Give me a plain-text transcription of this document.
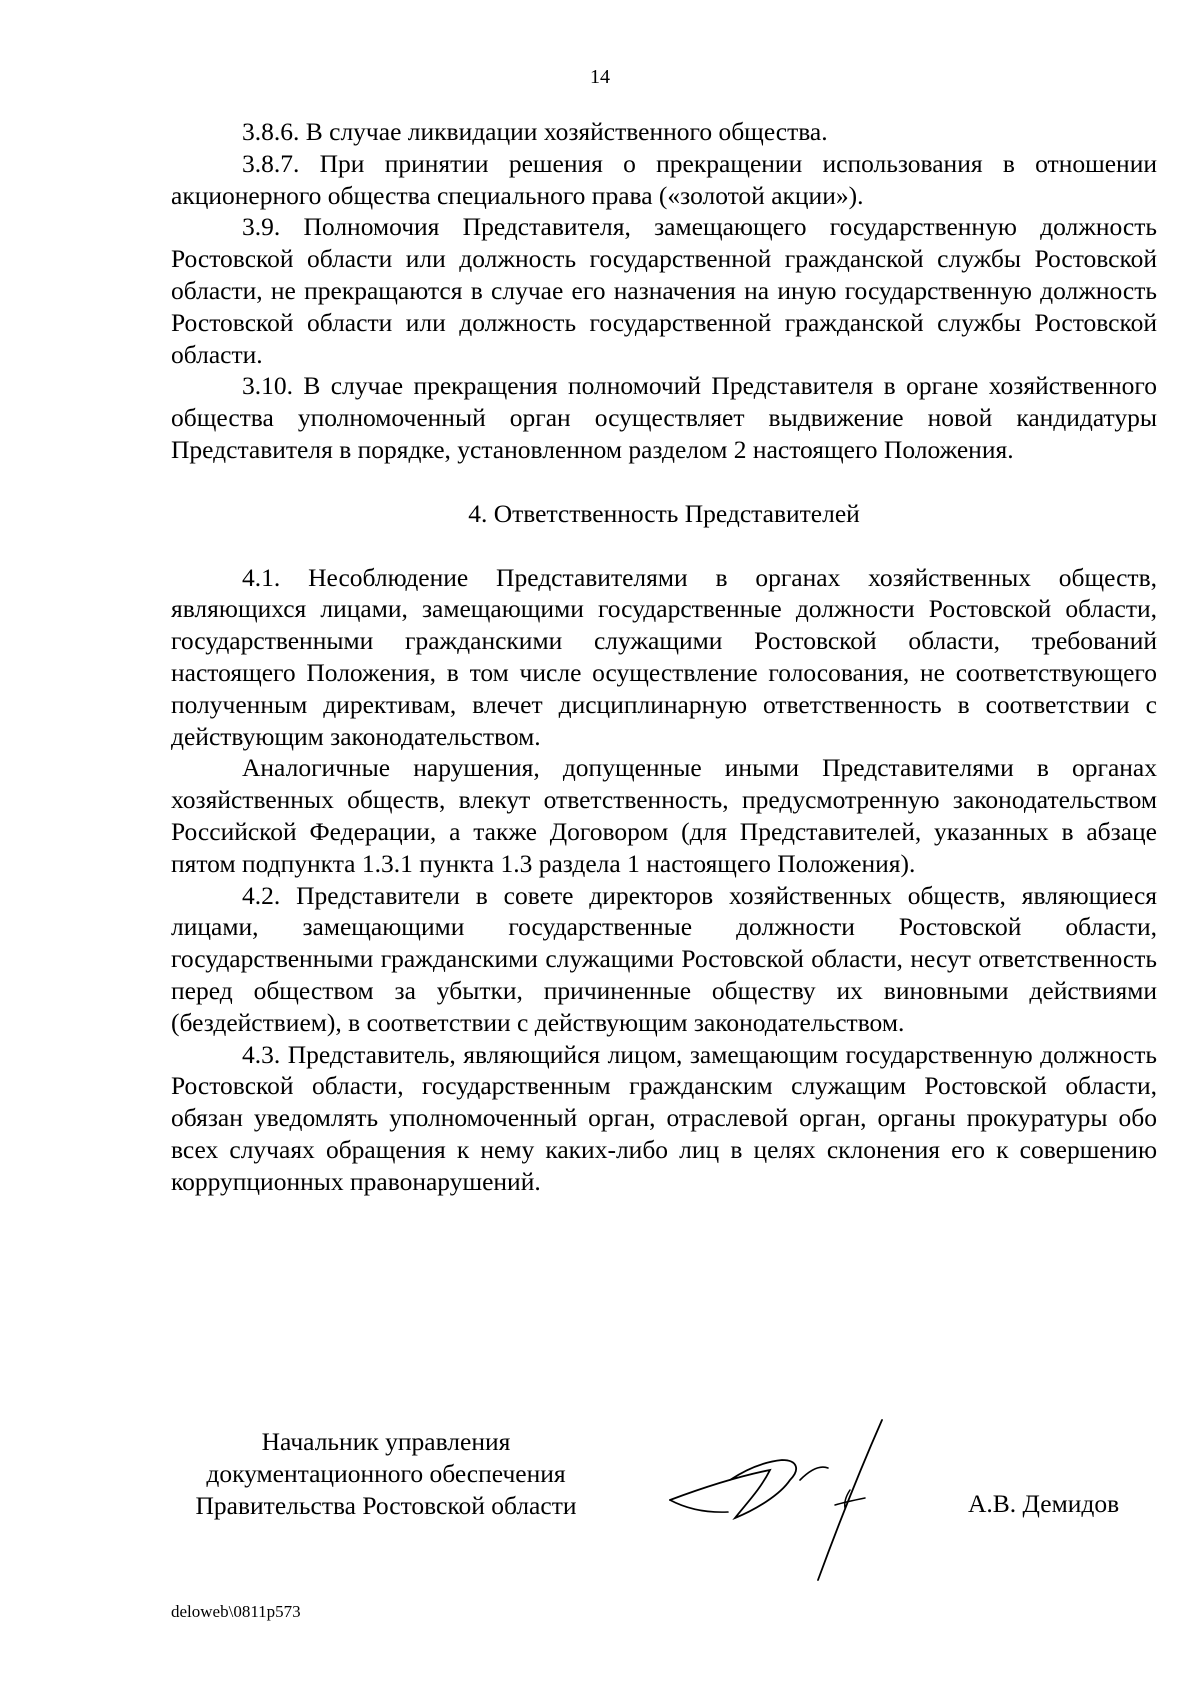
14

3.8.6. В случае ликвидации хозяйственного общества.

3.8.7. При принятии решения о прекращении использования в отношении акционерного общества специального права («золотой акции»).

3.9. Полномочия Представителя, замещающего государственную должность Ростовской области или должность государственной гражданской службы Ростовской области, не прекращаются в случае его назначения на иную государственную должность Ростовской области или должность государственной гражданской службы Ростовской области.

3.10. В случае прекращения полномочий Представителя в органе хозяйственного общества уполномоченный орган осуществляет выдвижение новой кандидатуры Представителя в порядке, установленном разделом 2 настоящего Положения.

4. Ответственность Представителей

4.1. Несоблюдение Представителями в органах хозяйственных обществ, являющихся лицами, замещающими государственные должности Ростовской области, государственными гражданскими служащими Ростовской области, требований настоящего Положения, в том числе осуществление голосования, не соответствующего полученным директивам, влечет дисциплинарную ответственность в соответствии с действующим законодательством.

Аналогичные нарушения, допущенные иными Представителями в органах хозяйственных обществ, влекут ответственность, предусмотренную законодательством Российской Федерации, а также Договором (для Представителей, указанных в абзаце пятом подпункта 1.3.1 пункта 1.3 раздела 1 настоящего Положения).

4.2. Представители в совете директоров хозяйственных обществ, являющиеся лицами, замещающими государственные должности Ростовской области, государственными гражданскими служащими Ростовской области, несут ответственность перед обществом за убытки, причиненные обществу их виновными действиями (бездействием), в соответствии с действующим законодательством.

4.3. Представитель, являющийся лицом, замещающим государственную должность Ростовской области, государственным гражданским служащим Ростовской области, обязан уведомлять уполномоченный орган, отраслевой орган, органы прокуратуры обо всех случаях обращения к нему каких-либо лиц в целях склонения его к совершению коррупционных правонарушений.

Начальник управления
документационного обеспечения
Правительства Ростовской области	А.В. Демидов
deloweb\0811p573
